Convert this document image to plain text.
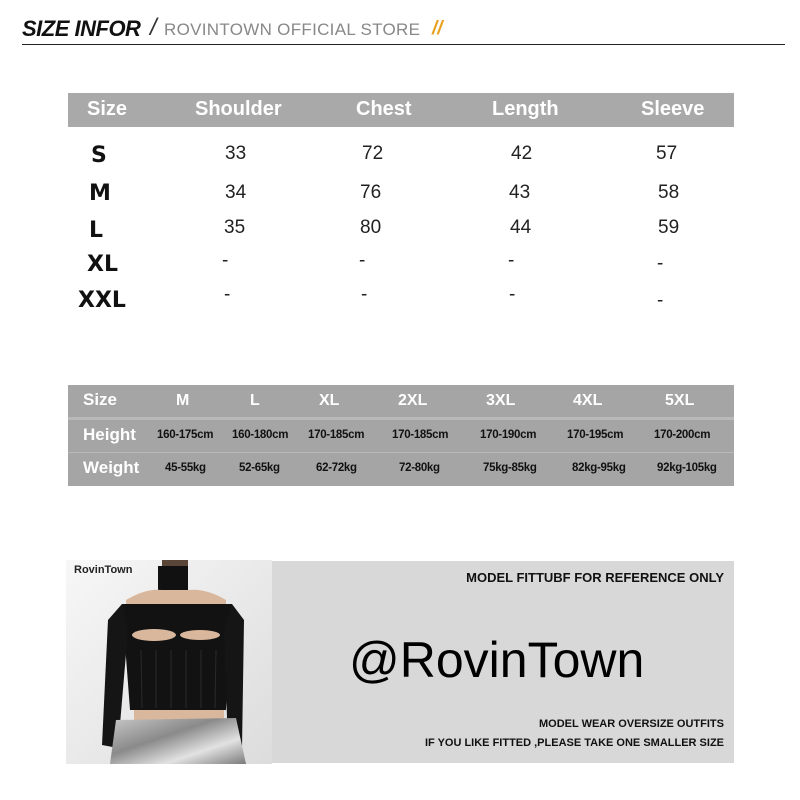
SIZE INFOR / ROVINTOWN OFFICIAL STORE //
Size	Shoulder	Chest	Length	Sleeve
S	33	72	42	57
M	34	76	43	58
L	35	80	44	59
XL	-	-	-	-
XXL	-	-	-	-
Size	M	L	XL	2XL	3XL	4XL	5XL
Height 160-175cm 160-180cm 170-185cm 170-185cm	170-190cm	170-195cm	170-200cm
Weight 45-55kg	52-65kg	62-72kg	72-80kg	75kg-85kg	82kg-95kg	92kg-105kg
RovinTown	MODEL FITTUBF FOR REFERENCE ONLY
@RovinTown
MODEL WEAR OVERSIZE OUTFITS
IF YOU LIKE FITTED ,PLEASE TAKE ONE SMALLER SIZE
